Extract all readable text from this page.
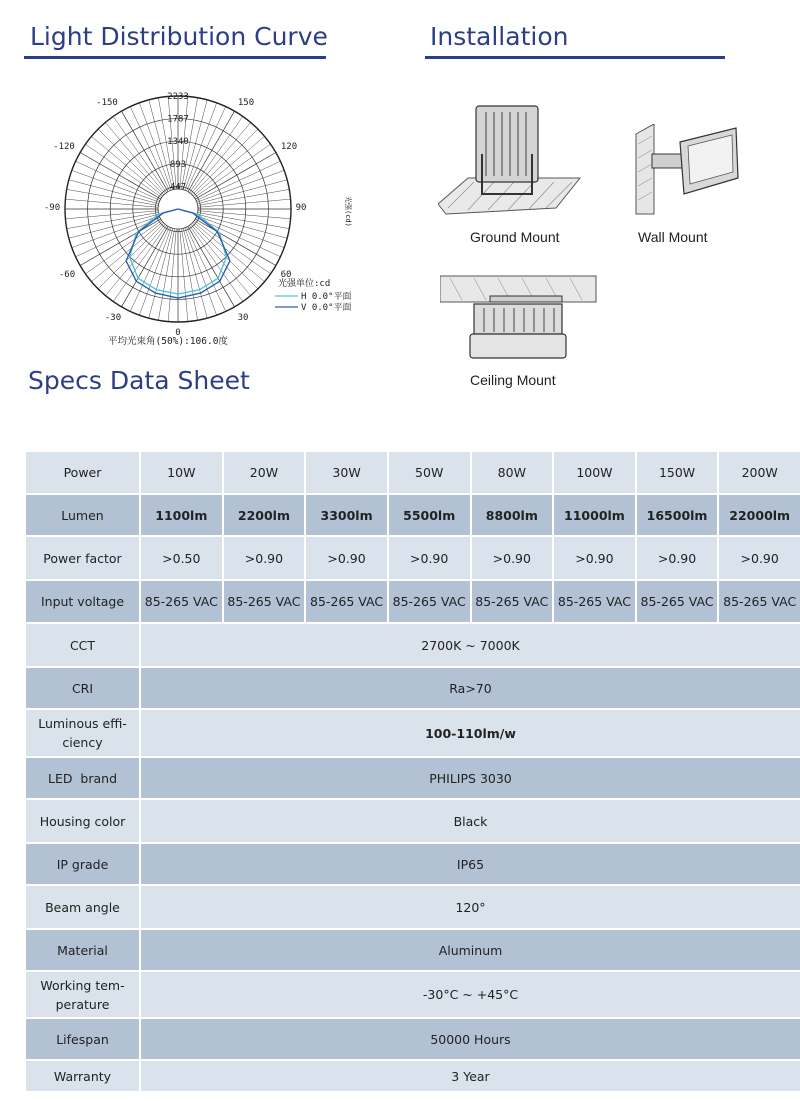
Light Distribution Curve	Installation
Specs Data Sheet
2233
1787
1340
893
447
-150	150
-120	120
-90	90
-60	60
-30	30
0
光强(cd)
光强单位:cd
H 0.0°平面
V 0.0°平面
平均光束角(50%):106.0度
Ground Mount	Wall Mount
Ceiling Mount
Power	10W	20W	30W	50W	80W	100W	150W	200W
Lumen	1100lm	2200lm	3300lm	5500lm	8800lm	11000lm	16500lm	22000lm
Power factor	>0.50	>0.90	>0.90	>0.90	>0.90	>0.90	>0.90	>0.90
Input voltage	85-265 VAC	85-265 VAC	85-265 VAC	85-265 VAC	85-265 VAC	85-265 VAC	85-265 VAC	85-265 VAC
CCT	2700K ~ 7000K							
CRI	Ra>70							
Luminous effi-
ciency	100-110lm/w							
LED  brand	PHILIPS 3030							
Housing color	Black							
IP grade	IP65							
Beam angle	120°							
Material	Aluminum							
Working tem-
perature	-30°C ~ +45°C							
Lifespan	50000 Hours							
Warranty	3 Year							
